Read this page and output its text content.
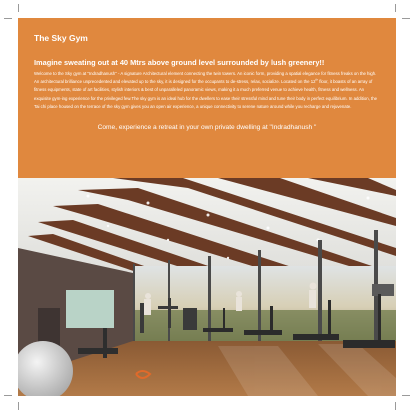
The Sky Gym
Imagine sweating out at 40 Mtrs above ground level surrounded by lush greenery!!

Welcome to the Sky gym at "Indradhanush" - A signature Architectural element connecting the twin towers. An iconic form, providing a spatial elegance for fitness freaks on the high. An architectural brilliance unprecedented and elevated up to the sky, it is designed for the occupants to de-stress, relax, socialize. Located on the 12th floor, it boasts of an array of fitness equipments, state of art facilities, stylish interiors & best of unparalleled panoramic views, making it a much preferred venue to achieve health, fitness and wellness. An exquisite gym-ing experience for the privileged few.The sky gym is an ideal hub for the dwellers to ease their stressful mind and tune their body in perfect equilibrium. In addition, the Tai chi place housed on the terrace of the sky gym gives you an open air experience, a unique connectivity to serene nature around while you recharge and rejuvenate.

Come, experience a retreat in your own private dwelling at "Indradhanush "
